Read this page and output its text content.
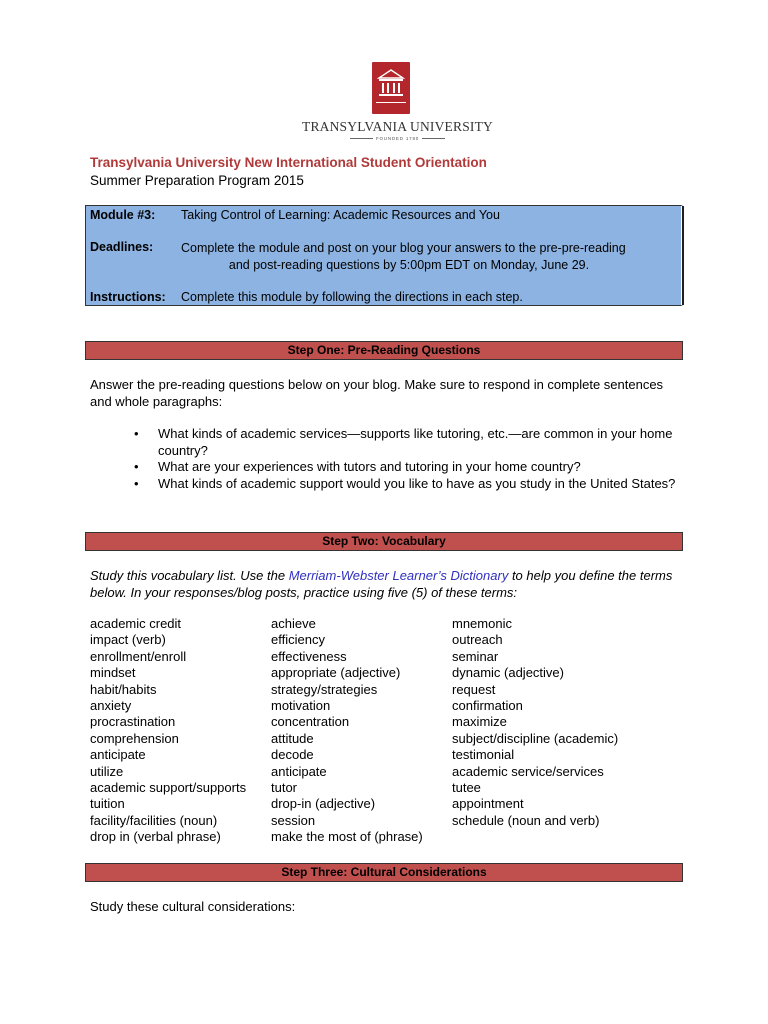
TRANSYLVANIA UNIVERSITY
FOUNDED 1780
Transylvania University New International Student Orientation
Summer Preparation Program 2015
Module #3: Taking Control of Learning: Academic Resources and You
Deadlines: Complete the module and post on your blog your answers to the pre-pre-reading
and post-reading questions by 5:00pm EDT on Monday, June 29.
Instructions: Complete this module by following the directions in each step.
Step One: Pre-Reading Questions
Answer the pre-reading questions below on your blog. Make sure to respond in complete sentences and whole paragraphs:
• What kinds of academic services—supports like tutoring, etc.—are common in your home country?
• What are your experiences with tutors and tutoring in your home country?
• What kinds of academic support would you like to have as you study in the United States?
Step Two: Vocabulary
Study this vocabulary list. Use the Merriam-Webster Learner’s Dictionary to help you define the terms below. In your responses/blog posts, practice using five (5) of these terms:
academic credit
impact (verb)
enrollment/enroll
mindset
habit/habits
anxiety
procrastination
comprehension
anticipate
utilize
academic support/supports
tuition
facility/facilities (noun)
drop in (verbal phrase)
achieve
efficiency
effectiveness
appropriate (adjective)
strategy/strategies
motivation
concentration
attitude
decode
anticipate
tutor
drop-in (adjective)
session
make the most of (phrase)
mnemonic
outreach
seminar
dynamic (adjective)
request
confirmation
maximize
subject/discipline (academic)
testimonial
academic service/services
tutee
appointment
schedule (noun and verb)
Step Three: Cultural Considerations
Study these cultural considerations:
